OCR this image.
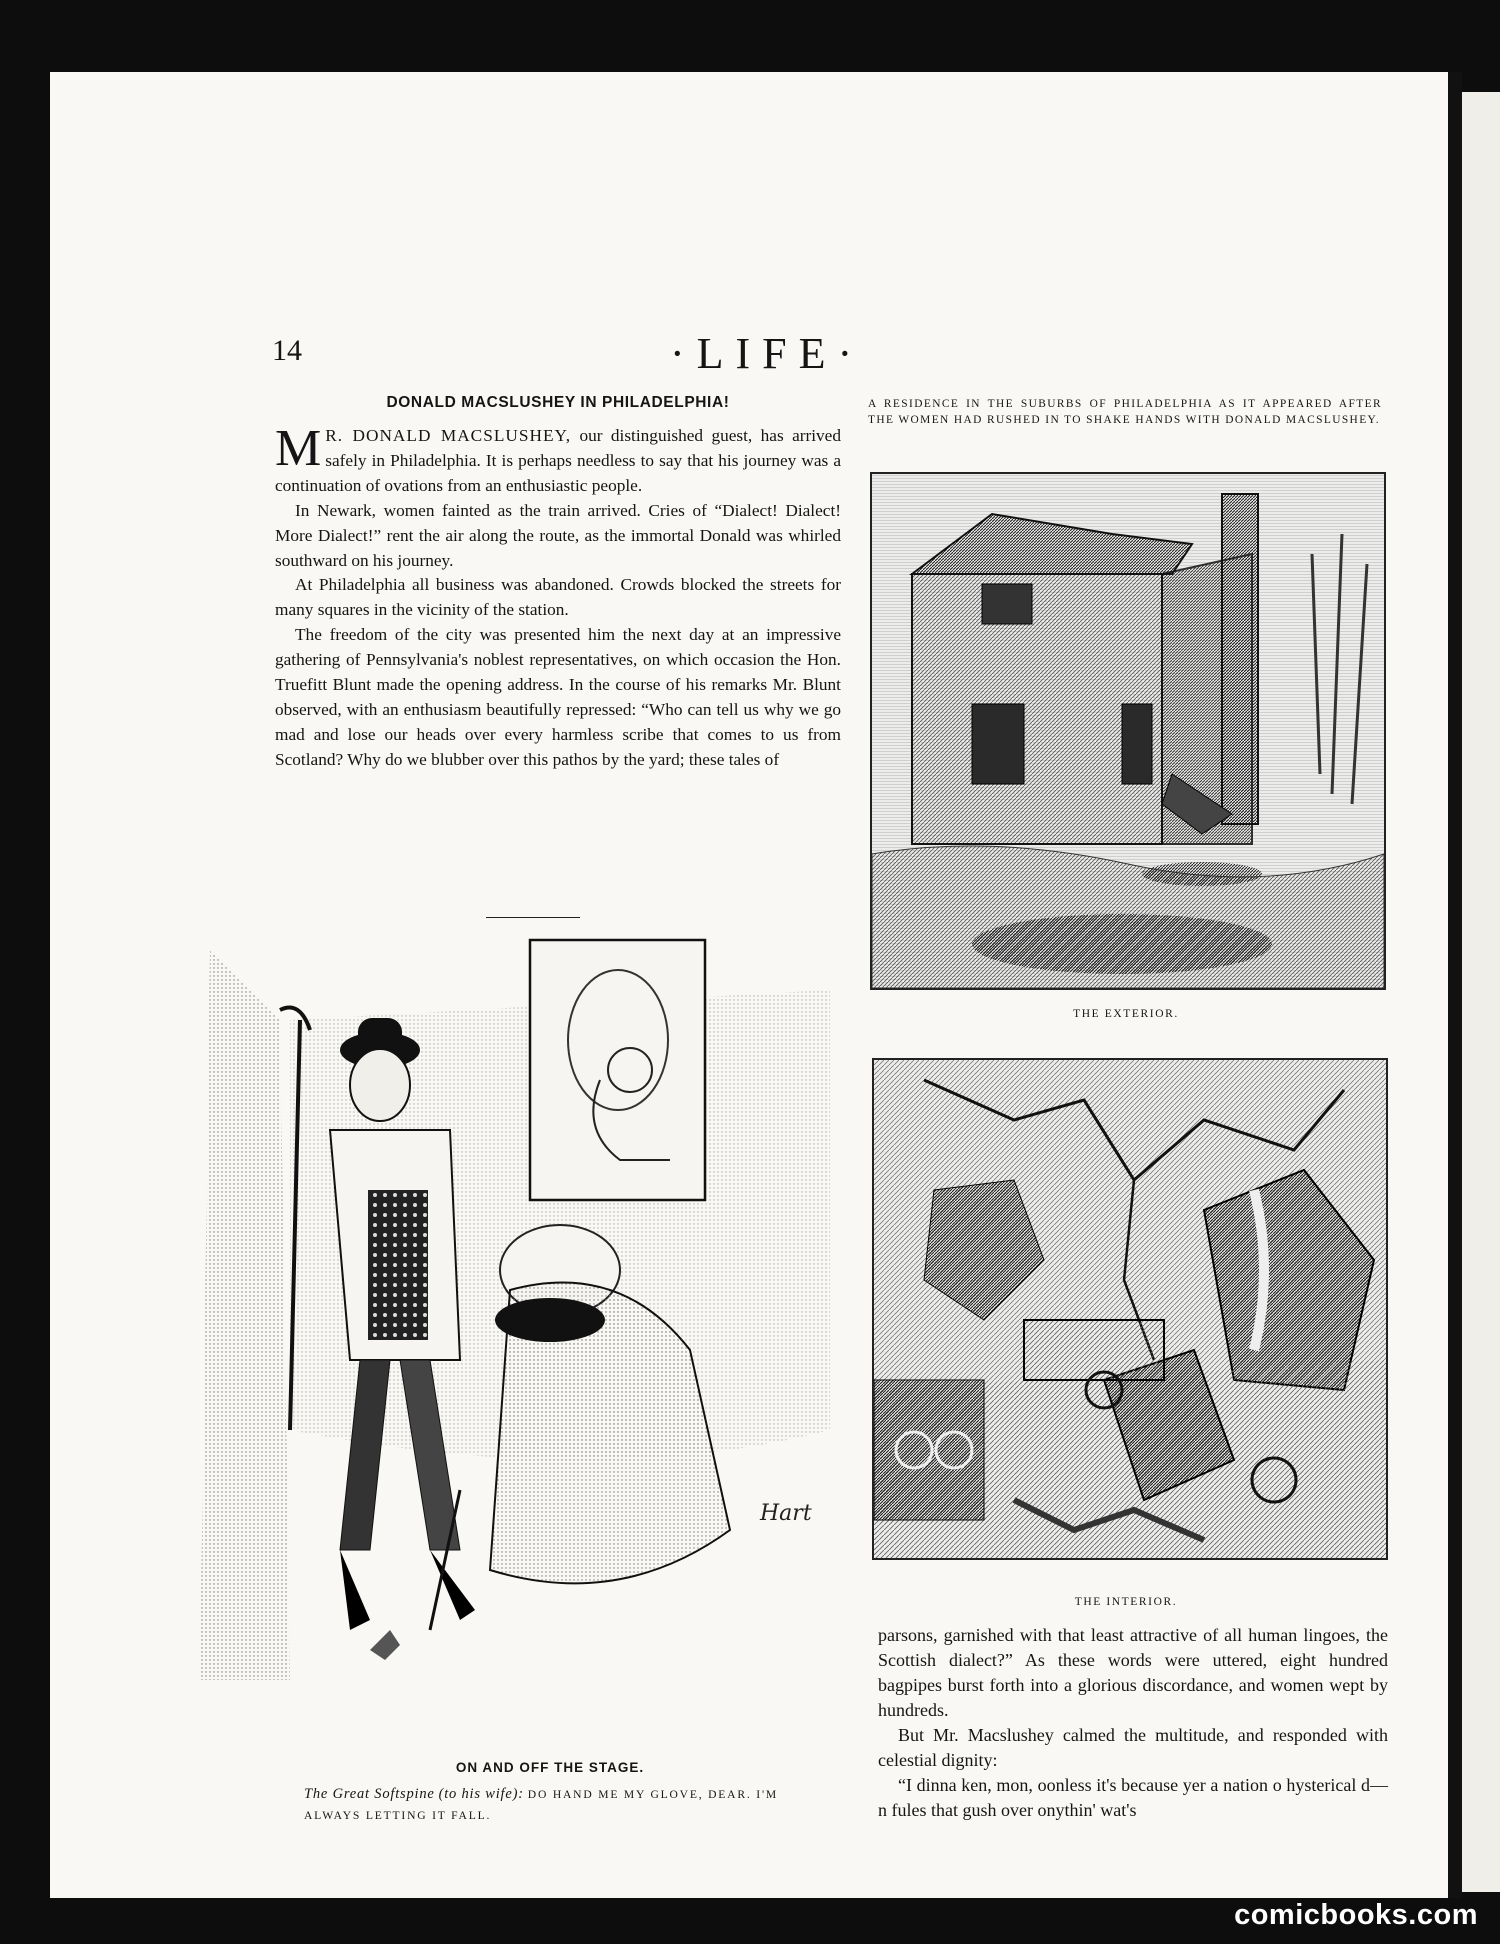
14	·LIFE·
DONALD MACSLUSHEY IN PHILADELPHIA!

M R. DONALD MACSLUSHEY, our distinguished guest, has arrived safely in Philadelphia. It is perhaps needless to say that his journey was a continuation of ovations from an enthusiastic people.

In Newark, women fainted as the train arrived. Cries of “Dialect! Dialect! More Dialect!” rent the air along the route, as the immortal Donald was whirled southward on his journey.

At Philadelphia all business was abandoned. Crowds blocked the streets for many squares in the vicinity of the station.

The freedom of the city was presented him the next day at an impressive gathering of Pennsylvania's noblest representatives, on which occasion the Hon. Truefitt Blunt made the opening address. In the course of his remarks Mr. Blunt observed, with an enthusiasm beautifully repressed: “Who can tell us why we go mad and lose our heads over every harmless scribe that comes to us from Scotland? Why do we blubber over this pathos by the yard; these tales of

A RESIDENCE IN THE SUBURBS OF PHILADELPHIA AS IT APPEARED AFTER THE WOMEN HAD RUSHED IN TO SHAKE HANDS WITH DONALD MACSLUSHEY.
THE EXTERIOR.
THE INTERIOR.

parsons, garnished with that least attractive of all human lingoes, the Scottish dialect?” As these words were uttered, eight hundred bagpipes burst forth into a glorious discordance, and women wept by hundreds.

But Mr. Macslushey calmed the multitude, and responded with celestial dignity:

“I dinna ken, mon, oonless it's because yer a nation o hysterical d—n fules that gush over onythin' wat's

Hart
ON AND OFF THE STAGE.
The Great Softspine (to his wife): DO HAND ME MY GLOVE, DEAR. I'M ALWAYS LETTING IT FALL.
comicbooks.com
